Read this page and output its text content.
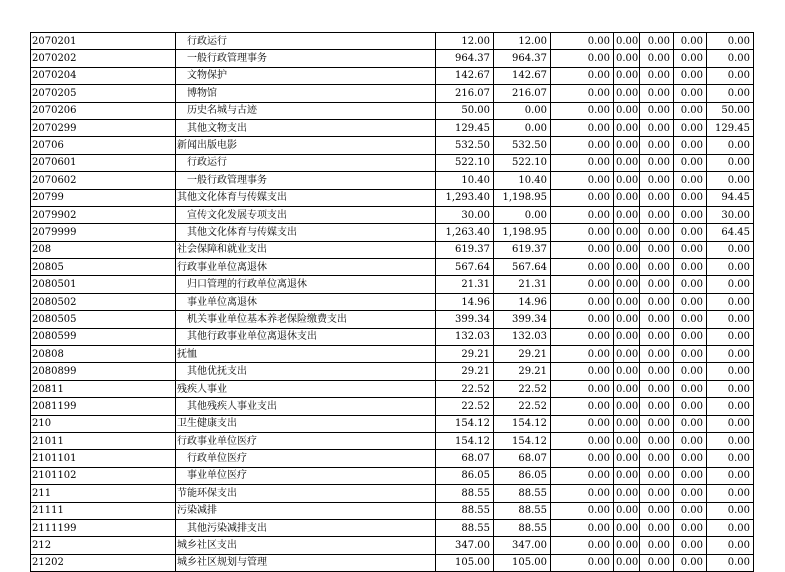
2070201	行政运行	12.00	12.00	0.00	0.00	0.00	0.00	0.00
2070202	一般行政管理事务	964.37	964.37	0.00	0.00	0.00	0.00	0.00
2070204	文物保护	142.67	142.67	0.00	0.00	0.00	0.00	0.00
2070205	博物馆	216.07	216.07	0.00	0.00	0.00	0.00	0.00
2070206	历史名城与古迹	50.00	0.00	0.00	0.00	0.00	0.00	50.00
2070299	其他文物支出	129.45	0.00	0.00	0.00	0.00	0.00	129.45
20706	新闻出版电影	532.50	532.50	0.00	0.00	0.00	0.00	0.00
2070601	行政运行	522.10	522.10	0.00	0.00	0.00	0.00	0.00
2070602	一般行政管理事务	10.40	10.40	0.00	0.00	0.00	0.00	0.00
20799	其他文化体育与传媒支出	1,293.40	1,198.95	0.00	0.00	0.00	0.00	94.45
2079902	宣传文化发展专项支出	30.00	0.00	0.00	0.00	0.00	0.00	30.00
2079999	其他文化体育与传媒支出	1,263.40	1,198.95	0.00	0.00	0.00	0.00	64.45
208	社会保障和就业支出	619.37	619.37	0.00	0.00	0.00	0.00	0.00
20805	行政事业单位离退休	567.64	567.64	0.00	0.00	0.00	0.00	0.00
2080501	归口管理的行政单位离退休	21.31	21.31	0.00	0.00	0.00	0.00	0.00
2080502	事业单位离退休	14.96	14.96	0.00	0.00	0.00	0.00	0.00
2080505	机关事业单位基本养老保险缴费支出	399.34	399.34	0.00	0.00	0.00	0.00	0.00
2080599	其他行政事业单位离退休支出	132.03	132.03	0.00	0.00	0.00	0.00	0.00
20808	抚恤	29.21	29.21	0.00	0.00	0.00	0.00	0.00
2080899	其他优抚支出	29.21	29.21	0.00	0.00	0.00	0.00	0.00
20811	残疾人事业	22.52	22.52	0.00	0.00	0.00	0.00	0.00
2081199	其他残疾人事业支出	22.52	22.52	0.00	0.00	0.00	0.00	0.00
210	卫生健康支出	154.12	154.12	0.00	0.00	0.00	0.00	0.00
21011	行政事业单位医疗	154.12	154.12	0.00	0.00	0.00	0.00	0.00
2101101	行政单位医疗	68.07	68.07	0.00	0.00	0.00	0.00	0.00
2101102	事业单位医疗	86.05	86.05	0.00	0.00	0.00	0.00	0.00
211	节能环保支出	88.55	88.55	0.00	0.00	0.00	0.00	0.00
21111	污染减排	88.55	88.55	0.00	0.00	0.00	0.00	0.00
2111199	其他污染减排支出	88.55	88.55	0.00	0.00	0.00	0.00	0.00
212	城乡社区支出	347.00	347.00	0.00	0.00	0.00	0.00	0.00
21202	城乡社区规划与管理	105.00	105.00	0.00	0.00	0.00	0.00	0.00
